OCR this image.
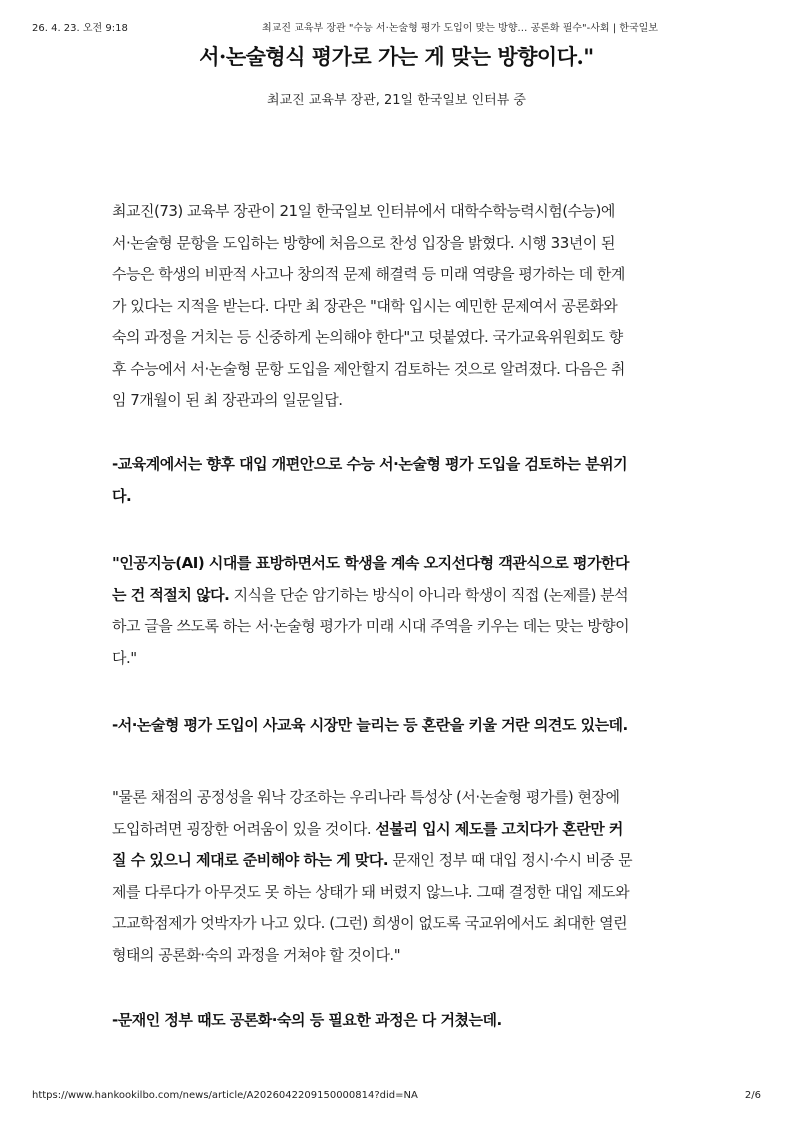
26. 4. 23. 오전 9:18	최교진 교육부 장관 "수능 서·논술형 평가 도입이 맞는 방향… 공론화 필수"-사회 | 한국일보
서·논술형식 평가로 가는 게 맞는 방향이다."
최교진 교육부 장관, 21일 한국일보 인터뷰 중
최교진(73) 교육부 장관이 21일 한국일보 인터뷰에서 대학수학능력시험(수능)에
서·논술형 문항을 도입하는 방향에 처음으로 찬성 입장을 밝혔다. 시행 33년이 된
수능은 학생의 비판적 사고나 창의적 문제 해결력 등 미래 역량을 평가하는 데 한계
가 있다는 지적을 받는다. 다만 최 장관은 "대학 입시는 예민한 문제여서 공론화와
숙의 과정을 거치는 등 신중하게 논의해야 한다"고 덧붙였다. 국가교육위원회도 향
후 수능에서 서·논술형 문항 도입을 제안할지 검토하는 것으로 알려졌다. 다음은 취
임 7개월이 된 최 장관과의 일문일답.
-교육계에서는 향후 대입 개편안으로 수능 서·논술형 평가 도입을 검토하는 분위기
다.
"인공지능(AI) 시대를 표방하면서도 학생을 계속 오지선다형 객관식으로 평가한다
는 건 적절치 않다. 지식을 단순 암기하는 방식이 아니라 학생이 직접 (논제를) 분석
하고 글을 쓰도록 하는 서·논술형 평가가 미래 시대 주역을 키우는 데는 맞는 방향이
다."
-서·논술형 평가 도입이 사교육 시장만 늘리는 등 혼란을 키울 거란 의견도 있는데.
"물론 채점의 공정성을 워낙 강조하는 우리나라 특성상 (서·논술형 평가를) 현장에
도입하려면 굉장한 어려움이 있을 것이다. 섣불리 입시 제도를 고치다가 혼란만 커
질 수 있으니 제대로 준비해야 하는 게 맞다. 문재인 정부 때 대입 정시·수시 비중 문
제를 다루다가 아무것도 못 하는 상태가 돼 버렸지 않느냐. 그때 결정한 대입 제도와
고교학점제가 엇박자가 나고 있다. (그런) 희생이 없도록 국교위에서도 최대한 열린
형태의 공론화·숙의 과정을 거쳐야 할 것이다."
-문재인 정부 때도 공론화·숙의 등 필요한 과정은 다 거쳤는데.
https://www.hankookilbo.com/news/article/A2026042209150000814?did=NA	2/6
